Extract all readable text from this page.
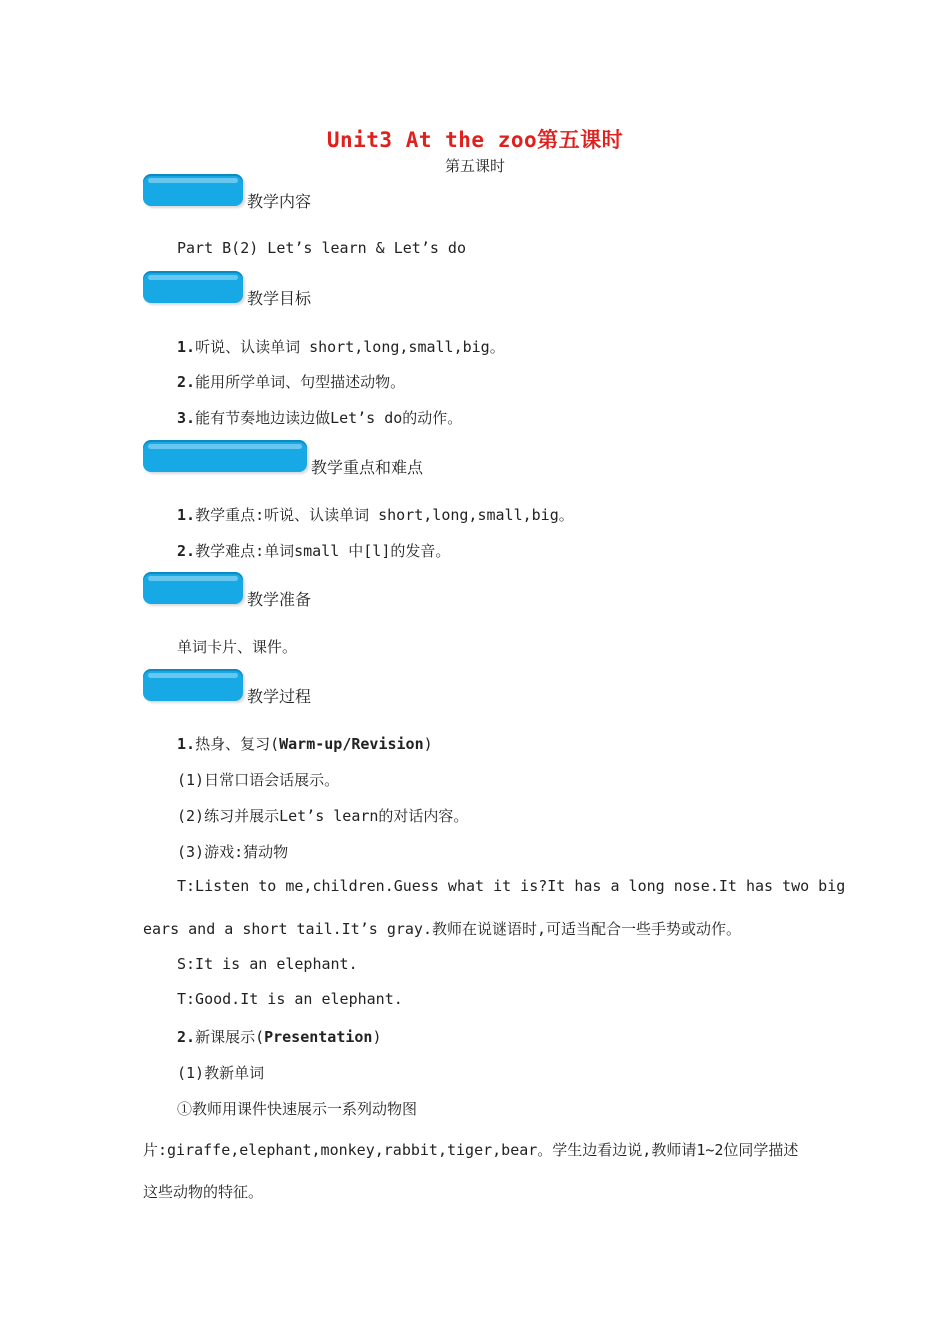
Unit3 At the zoo第五课时
第五课时
教学内容
Part B(2) Let’s learn & Let’s do
教学目标
1.听说、认读单词 short,long,small,big。
2.能用所学单词、句型描述动物。
3.能有节奏地边读边做Let’s do的动作。
教学重点和难点
1.教学重点:听说、认读单词 short,long,small,big。
2.教学难点:单词small 中[l]的发音。
教学准备
单词卡片、课件。
教学过程
1.热身、复习(Warm-up/Revision)
(1)日常口语会话展示。
(2)练习并展示Let’s learn的对话内容。
(3)游戏:猜动物
T:Listen to me,children.Guess what it is?It has a long nose.It has two big
ears and a short tail.It’s gray.教师在说谜语时,可适当配合一些手势或动作。
S:It is an elephant.
T:Good.It is an elephant.
2.新课展示(Presentation)
(1)教新单词
①教师用课件快速展示一系列动物图
片:giraffe,elephant,monkey,rabbit,tiger,bear。学生边看边说,教师请1~2位同学描述
这些动物的特征。
